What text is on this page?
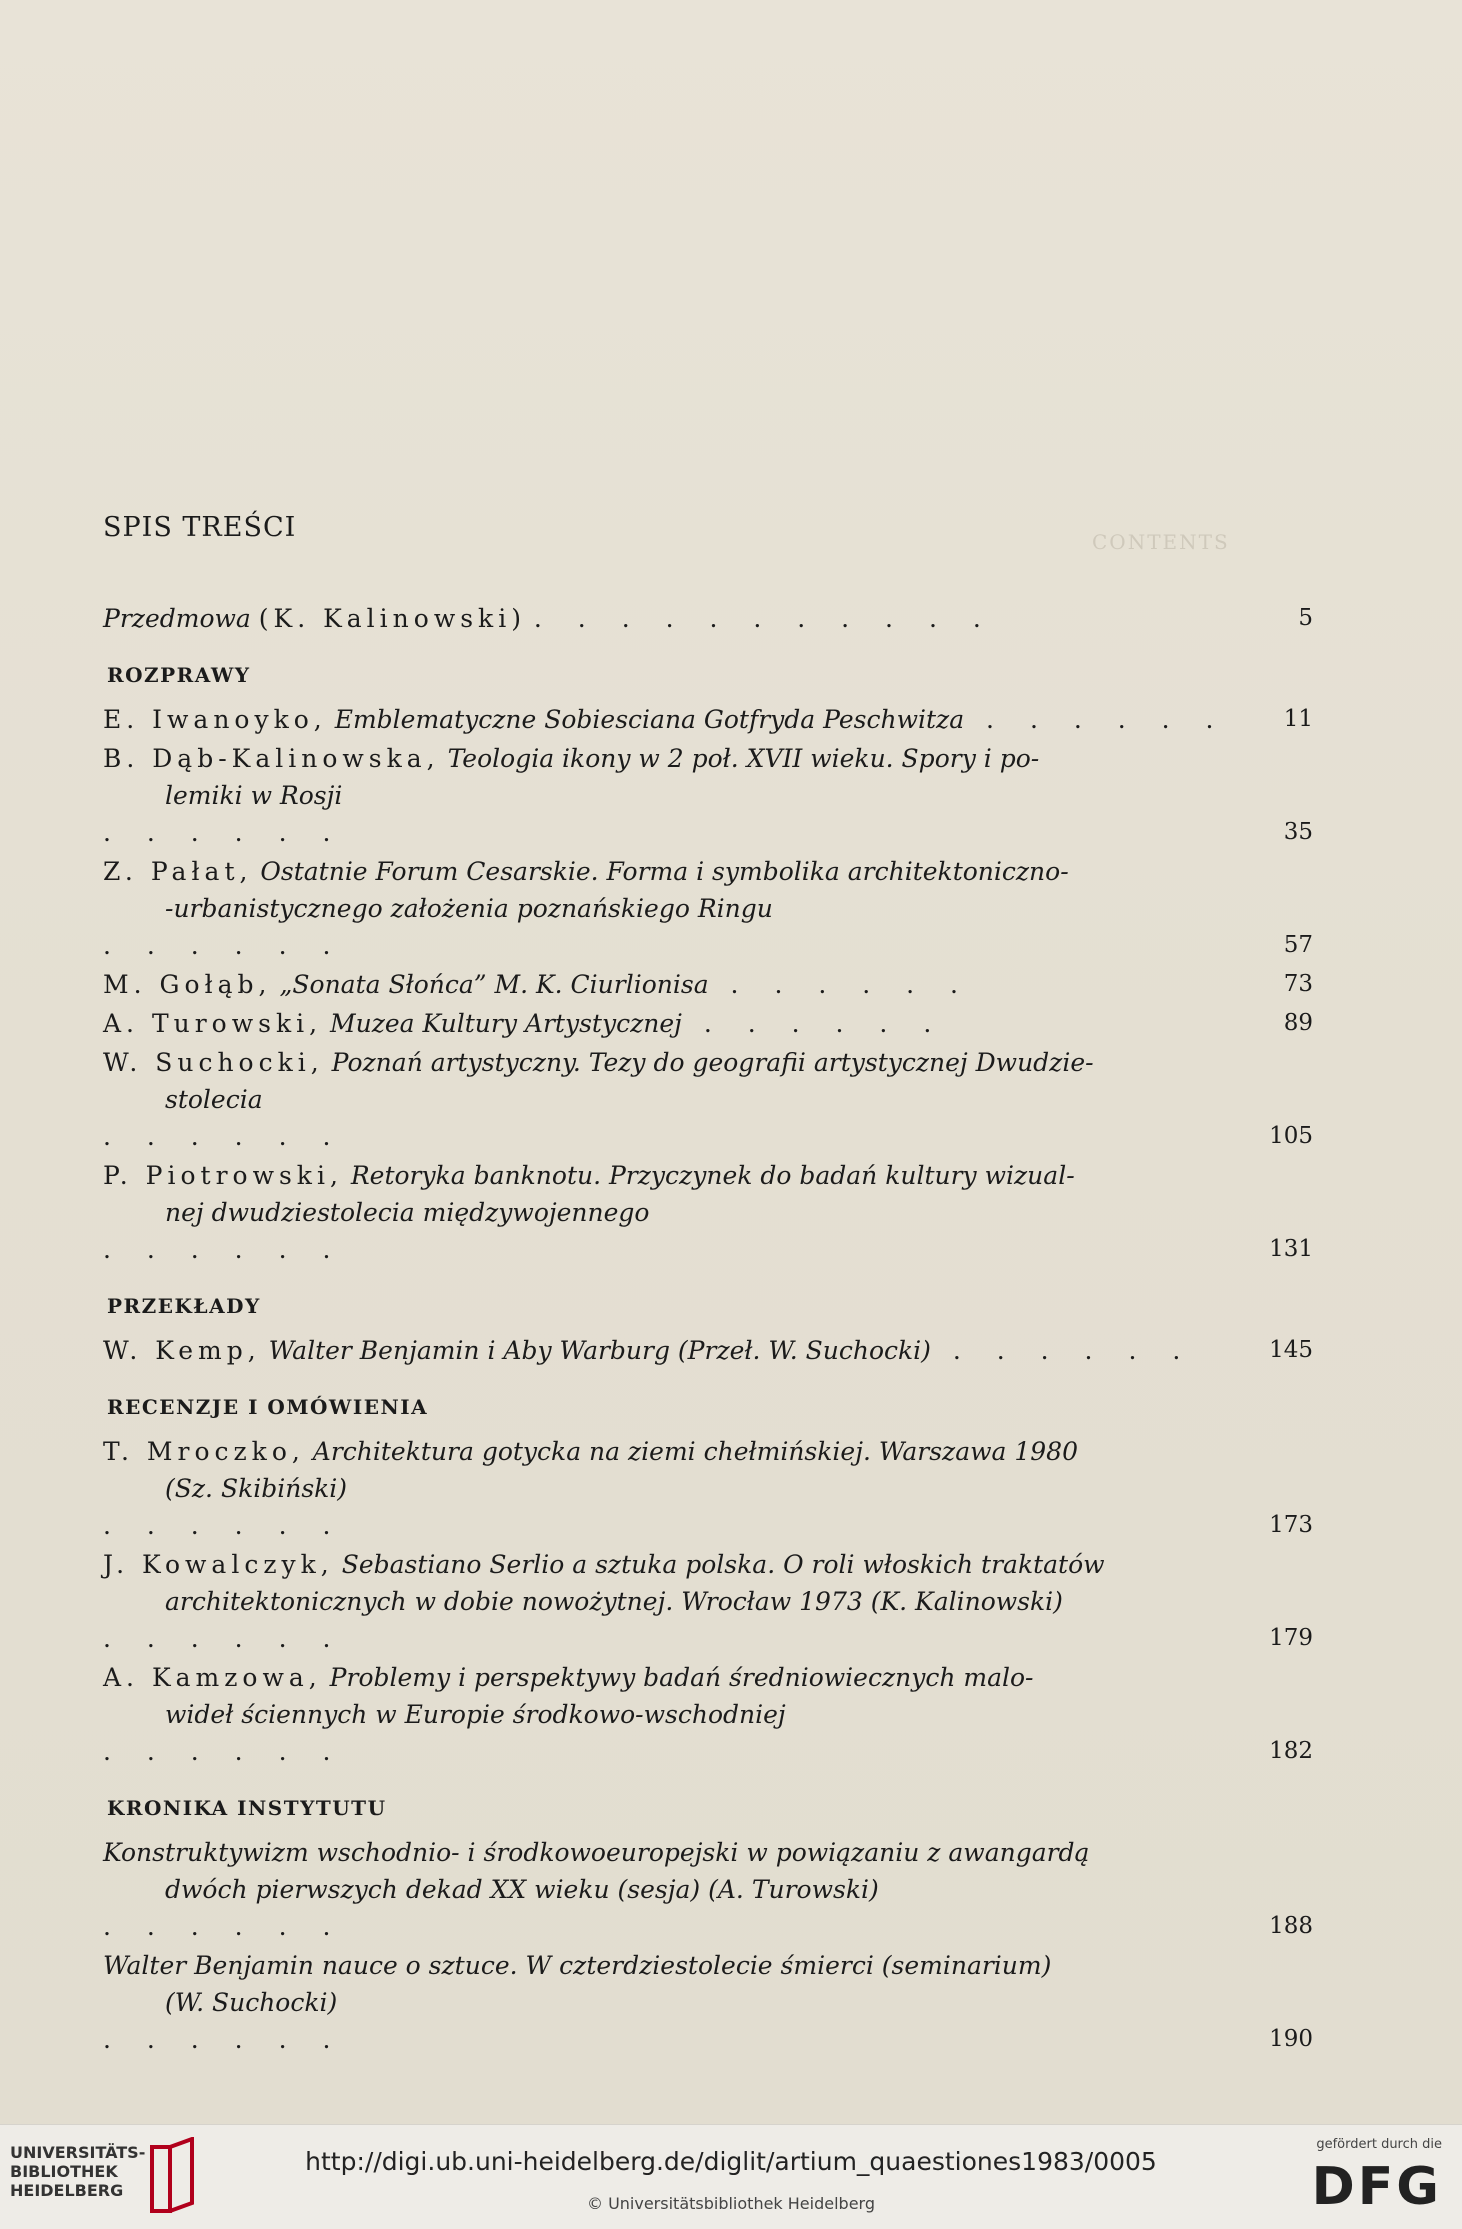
CONTENTS
SPIS TREŚCI
Przedmowa (K. Kalinowski) . . . . . . . . . . .	5
ROZPRAWY
E. Iwanoyko, Emblematyczne Sobiesciana Gotfryda Peschwitza . . . . . .	11
B. Dąb-Kalinowska, Teologia ikony w 2 poł. XVII wieku. Spory i po-
lemiki w Rosji
. . . . . .	35
Z. Pałat, Ostatnie Forum Cesarskie. Forma i symbolika architektoniczno-
-urbanistycznego założenia poznańskiego Ringu
. . . . . .	57
M. Gołąb, „Sonata Słońca” M. K. Ciurlionisa . . . . . .	73
A. Turowski, Muzea Kultury Artystycznej . . . . . .	89
W. Suchocki, Poznań artystyczny. Tezy do geografii artystycznej Dwudzie-
stolecia
. . . . . .	105
P. Piotrowski, Retoryka banknotu. Przyczynek do badań kultury wizual-
nej dwudziestolecia międzywojennego
. . . . . .	131
PRZEKŁADY
W. Kemp, Walter Benjamin i Aby Warburg (Przeł. W. Suchocki) . . . . . .	145
RECENZJE I OMÓWIENIA
T. Mroczko, Architektura gotycka na ziemi chełmińskiej. Warszawa 1980
(Sz. Skibiński)
. . . . . .	173
J. Kowalczyk, Sebastiano Serlio a sztuka polska. O roli włoskich traktatów
architektonicznych w dobie nowożytnej. Wrocław 1973 (K. Kalinowski)
. . . . . .	179
A. Kamzowa, Problemy i perspektywy badań średniowiecznych malo-
wideł ściennych w Europie środkowo-wschodniej
. . . . . .	182
KRONIKA INSTYTUTU
Konstruktywizm wschodnio- i środkowoeuropejski w powiązaniu z awangardą
dwóch pierwszych dekad XX wieku (sesja) (A. Turowski)
. . . . . .	188
Walter Benjamin nauce o sztuce. W czterdziestolecie śmierci (seminarium)
(W. Suchocki)
. . . . . .	190
UNIVERSITÄTS-
BIBLIOTHEK
HEIDELBERG
http://digi.ub.uni-heidelberg.de/diglit/artium_quaestiones1983/0005
© Universitätsbibliothek Heidelberg
gefördert durch die
DFG
